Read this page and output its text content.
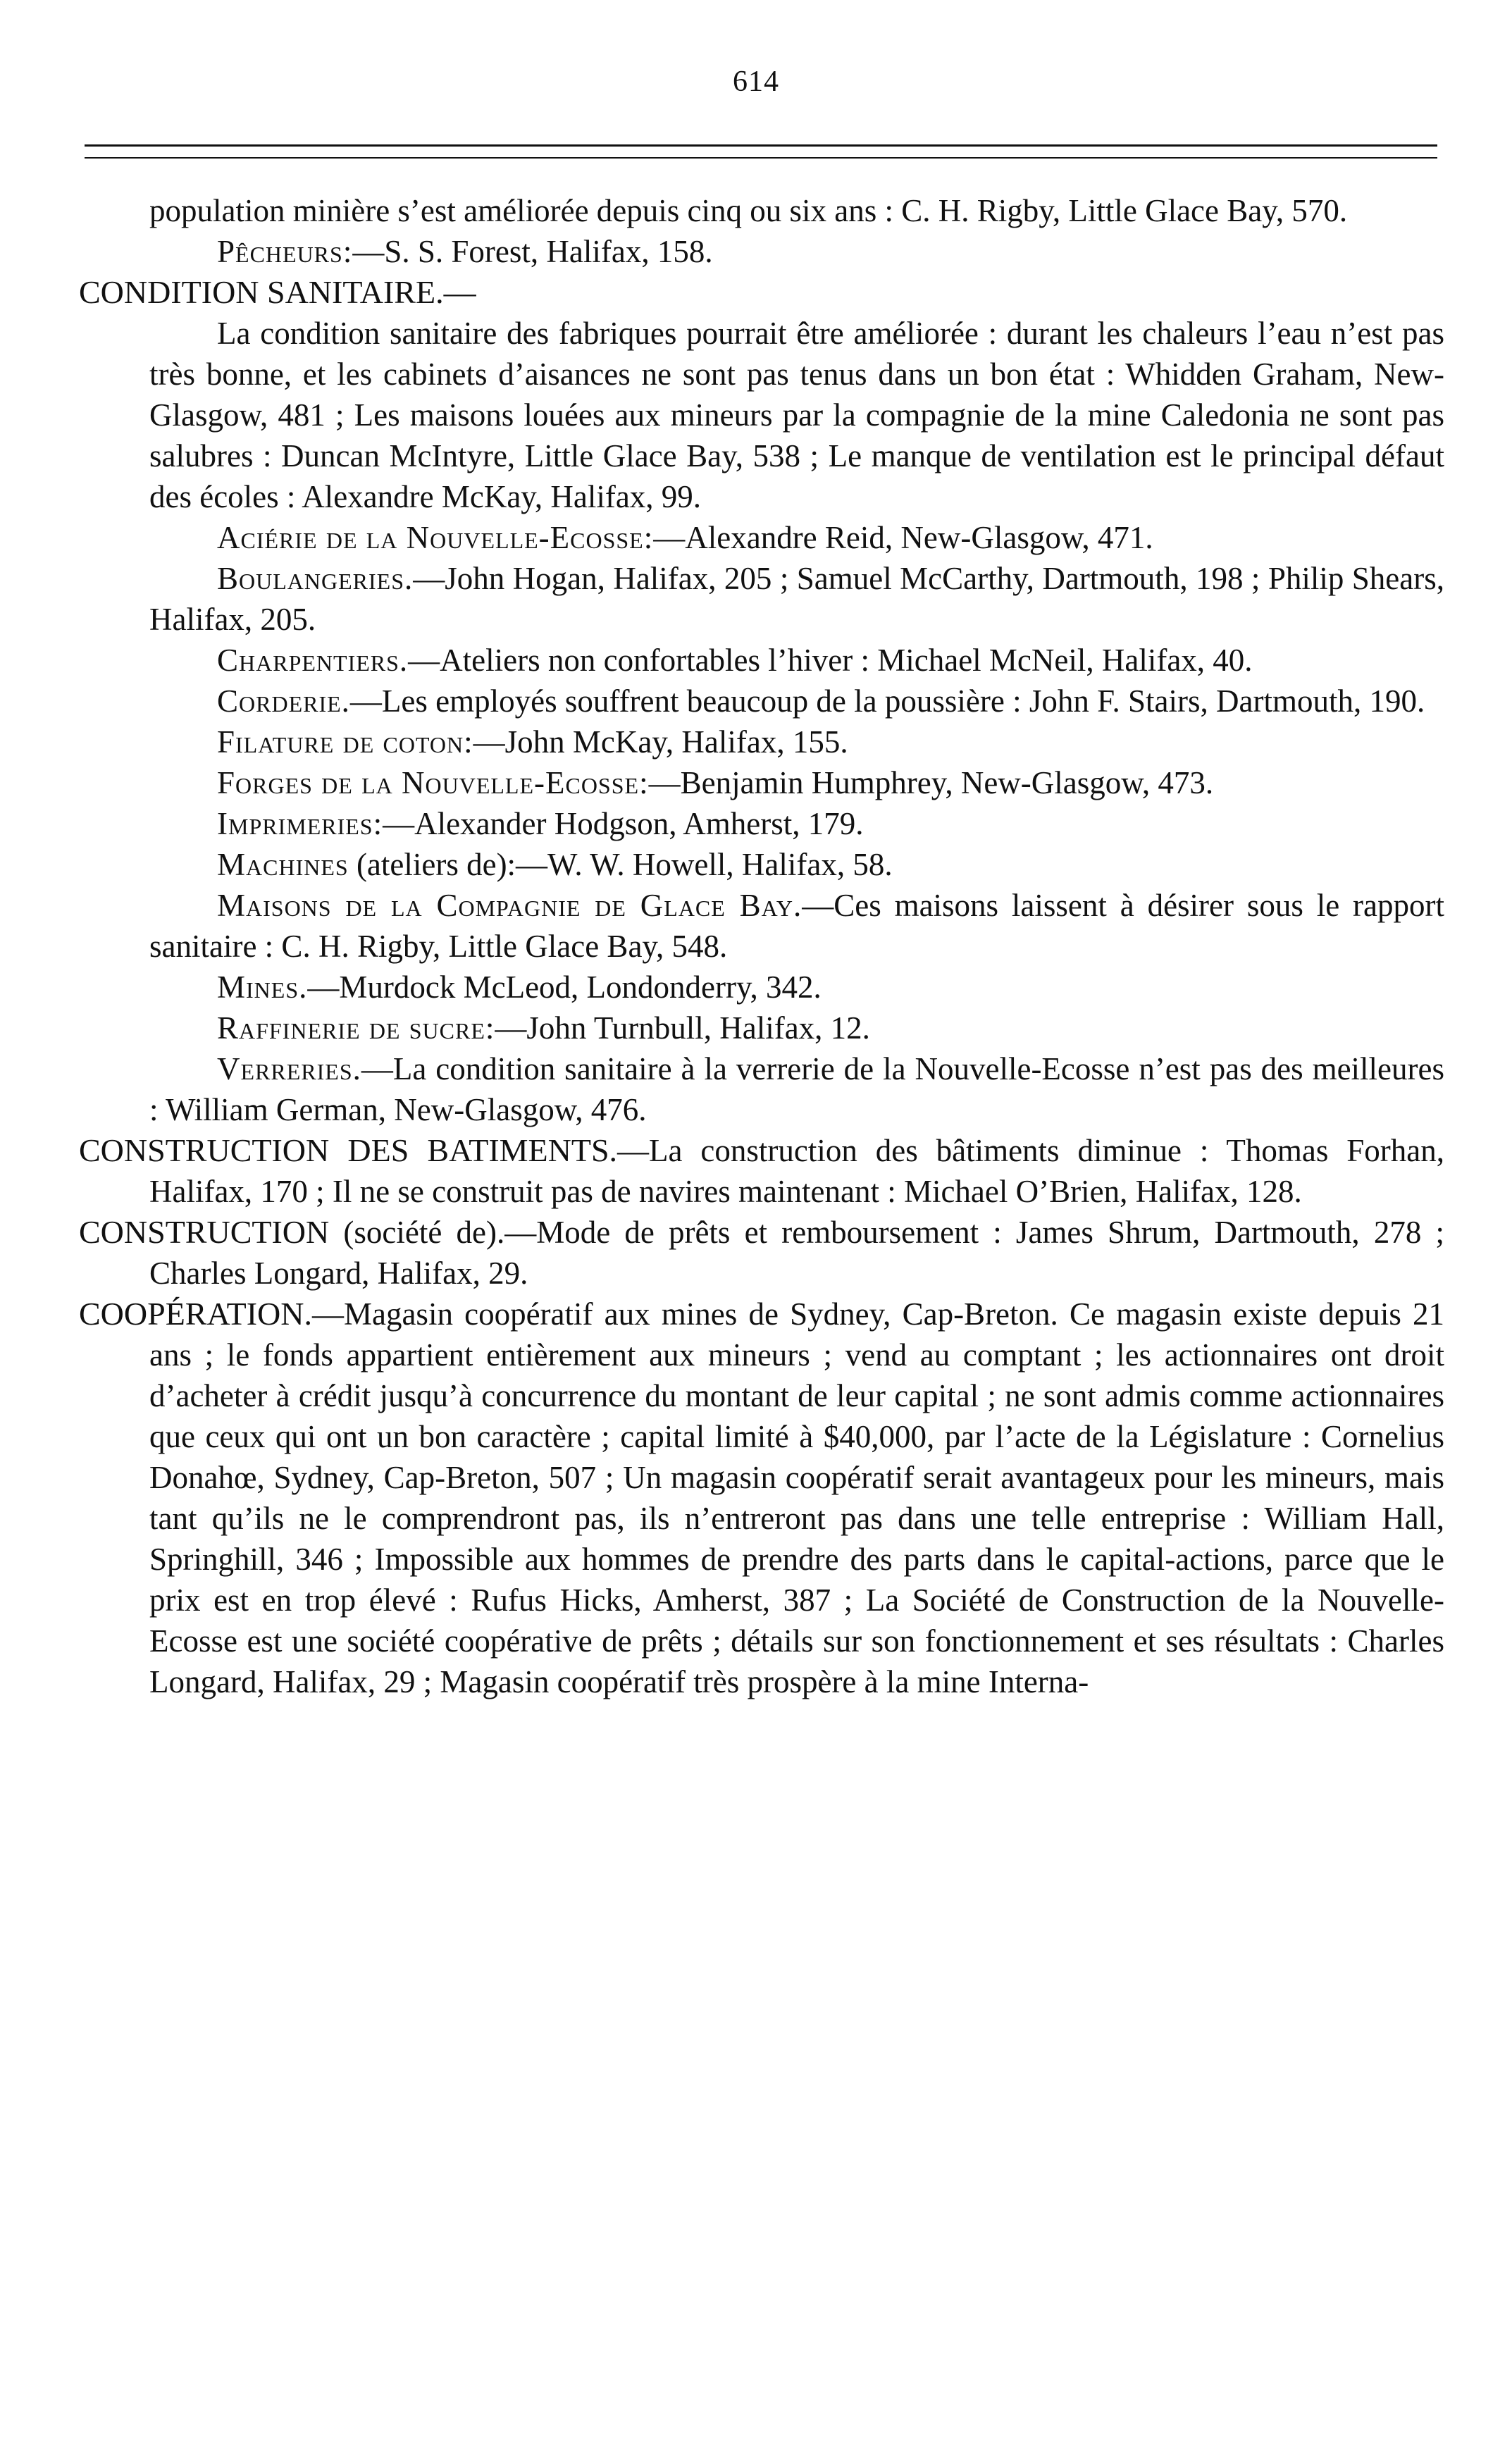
614

population minière s’est améliorée depuis cinq ou six ans : C. H. Rigby, Little Glace Bay, 570.

Pêcheurs:—S. S. Forest, Halifax, 158.

CONDITION SANITAIRE.—

La condition sanitaire des fabriques pourrait être améliorée : durant les chaleurs l’eau n’est pas très bonne, et les cabinets d’aisances ne sont pas tenus dans un bon état : Whidden Graham, New-Glasgow, 481 ; Les maisons louées aux mineurs par la compagnie de la mine Caledonia ne sont pas salubres : Duncan McIntyre, Little Glace Bay, 538 ; Le manque de ventilation est le principal défaut des écoles : Alexandre McKay, Halifax, 99.

Aciérie de la Nouvelle-Ecosse:—Alexandre Reid, New-Glasgow, 471.

Boulangeries.—John Hogan, Halifax, 205 ; Samuel McCarthy, Dartmouth, 198 ; Philip Shears, Halifax, 205.

Charpentiers.—Ateliers non confortables l’hiver : Michael McNeil, Halifax, 40.

Corderie.—Les employés souffrent beaucoup de la poussière : John F. Stairs, Dartmouth, 190.

Filature de coton:—John McKay, Halifax, 155.

Forges de la Nouvelle-Ecosse:—Benjamin Humphrey, New-Glasgow, 473.

Imprimeries:—Alexander Hodgson, Amherst, 179.

Machines (ateliers de):—W. W. Howell, Halifax, 58.

Maisons de la Compagnie de Glace Bay.—Ces maisons laissent à désirer sous le rapport sanitaire : C. H. Rigby, Little Glace Bay, 548.

Mines.—Murdock McLeod, Londonderry, 342.

Raffinerie de sucre:—John Turnbull, Halifax, 12.

Verreries.—La condition sanitaire à la verrerie de la Nouvelle-Ecosse n’est pas des meilleures : William German, New-Glasgow, 476.

CONSTRUCTION DES BATIMENTS.—La construction des bâtiments diminue : Thomas Forhan, Halifax, 170 ; Il ne se construit pas de navires maintenant : Michael O’Brien, Halifax, 128.

CONSTRUCTION (société de).—Mode de prêts et remboursement : James Shrum, Dartmouth, 278 ; Charles Longard, Halifax, 29.

COOPÉRATION.—Magasin coopératif aux mines de Sydney, Cap-Breton. Ce magasin existe depuis 21 ans ; le fonds appartient entièrement aux mineurs ; vend au comptant ; les actionnaires ont droit d’acheter à crédit jusqu’à concurrence du montant de leur capital ; ne sont admis comme actionnaires que ceux qui ont un bon caractère ; capital limité à $40,000, par l’acte de la Législature : Cornelius Donahœ, Sydney, Cap-Breton, 507 ; Un magasin coopératif serait avantageux pour les mineurs, mais tant qu’ils ne le comprendront pas, ils n’entreront pas dans une telle entreprise : William Hall, Springhill, 346 ; Impossible aux hommes de prendre des parts dans le capital-actions, parce que le prix est en trop élevé : Rufus Hicks, Amherst, 387 ; La Société de Construction de la Nouvelle-Ecosse est une société coopérative de prêts ; détails sur son fonctionnement et ses résultats : Charles Longard, Halifax, 29 ; Magasin coopératif très prospère à la mine Interna-
